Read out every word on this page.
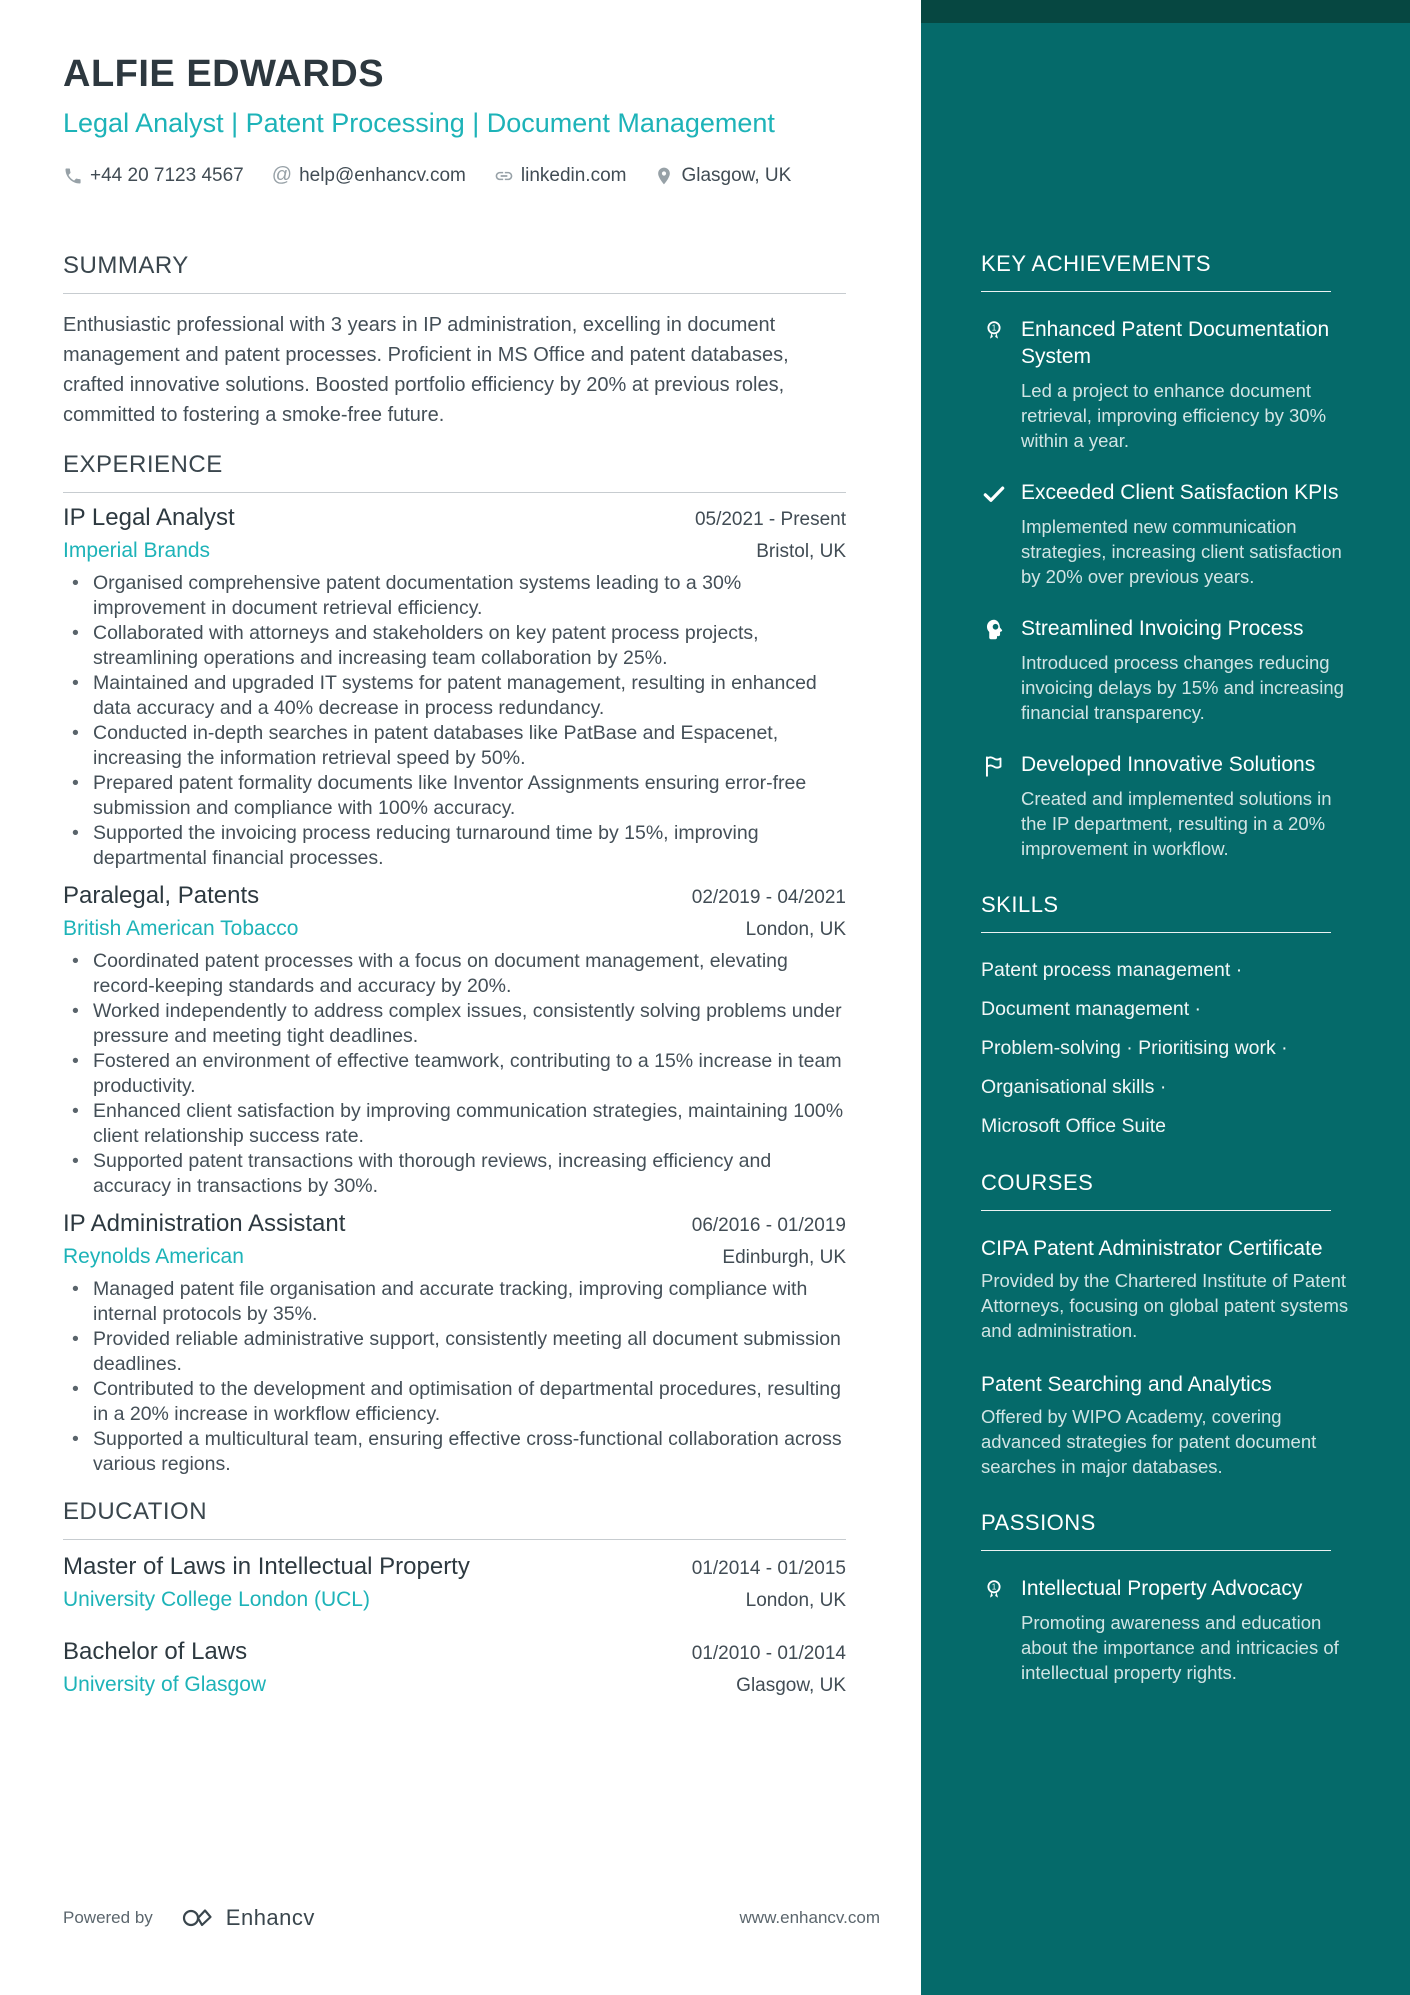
ALFIE EDWARDS
Legal Analyst | Patent Processing | Document Management
+44 20 7123 4567 @ help@enhancv.com	linkedin.com	Glasgow, UK
SUMMARY
Enthusiastic professional with 3 years in IP administration, excelling in document management and patent processes. Proficient in MS Office and patent databases, crafted innovative solutions. Boosted portfolio efficiency by 20% at previous roles, committed to fostering a smoke-free future.
EXPERIENCE
IP Legal Analyst	05/2021 - Present
Imperial Brands	Bristol, UK
• Organised comprehensive patent documentation systems leading to a 30% improvement in document retrieval efficiency.
• Collaborated with attorneys and stakeholders on key patent process projects, streamlining operations and increasing team collaboration by 25%.
• Maintained and upgraded IT systems for patent management, resulting in enhanced data accuracy and a 40% decrease in process redundancy.
• Conducted in-depth searches in patent databases like PatBase and Espacenet, increasing the information retrieval speed by 50%.
• Prepared patent formality documents like Inventor Assignments ensuring error-free submission and compliance with 100% accuracy.
• Supported the invoicing process reducing turnaround time by 15%, improving departmental financial processes.
Paralegal, Patents	02/2019 - 04/2021
British American Tobacco	London, UK
• Coordinated patent processes with a focus on document management, elevating record-keeping standards and accuracy by 20%.
• Worked independently to address complex issues, consistently solving problems under pressure and meeting tight deadlines.
• Fostered an environment of effective teamwork, contributing to a 15% increase in team productivity.
• Enhanced client satisfaction by improving communication strategies, maintaining 100% client relationship success rate.
• Supported patent transactions with thorough reviews, increasing efficiency and accuracy in transactions by 30%.
IP Administration Assistant	06/2016 - 01/2019
Reynolds American	Edinburgh, UK
• Managed patent file organisation and accurate tracking, improving compliance with internal protocols by 35%.
• Provided reliable administrative support, consistently meeting all document submission deadlines.
• Contributed to the development and optimisation of departmental procedures, resulting in a 20% increase in workflow efficiency.
• Supported a multicultural team, ensuring effective cross-functional collaboration across various regions.
EDUCATION
Master of Laws in Intellectual Property	01/2014 - 01/2015
University College London (UCL)	London, UK
Bachelor of Laws	01/2010 - 01/2014
University of Glasgow	Glasgow, UK
KEY ACHIEVEMENTS
1 Enhanced Patent Documentation System
Led a project to enhance document retrieval, improving efficiency by 30% within a year.
Exceeded Client Satisfaction KPIs
Implemented new communication strategies, increasing client satisfaction by 20% over previous years.
Streamlined Invoicing Process
Introduced process changes reducing invoicing delays by 15% and increasing financial transparency.
Developed Innovative Solutions
Created and implemented solutions in the IP department, resulting in a 20% improvement in workflow.
SKILLS
Patent process management ·
Document management ·
Problem-solving · Prioritising work ·
Organisational skills ·
Microsoft Office Suite
COURSES
CIPA Patent Administrator Certificate
Provided by the Chartered Institute of Patent Attorneys, focusing on global patent systems and administration.
Patent Searching and Analytics
Offered by WIPO Academy, covering advanced strategies for patent document searches in major databases.
PASSIONS
1 Intellectual Property Advocacy
Promoting awareness and education about the importance and intricacies of intellectual property rights.
Powered by	Enhancv	www.enhancv.com
